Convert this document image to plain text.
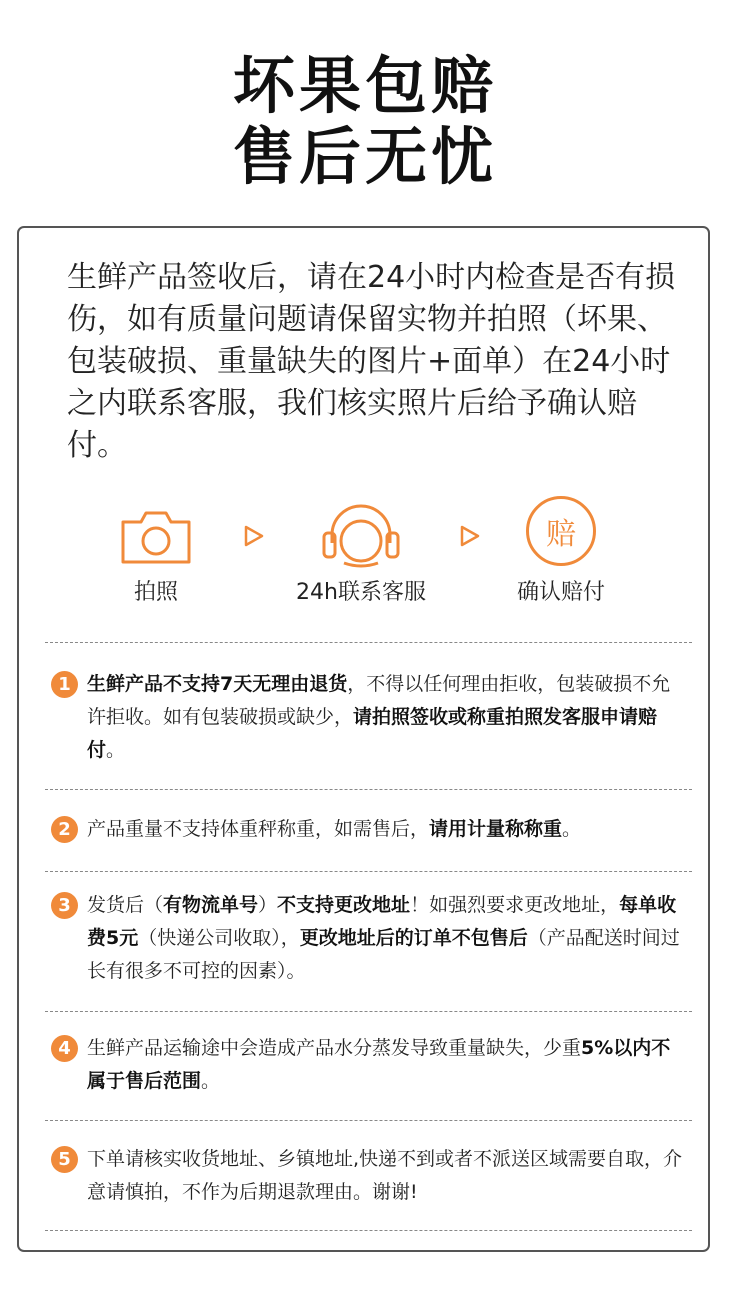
坏果包赔
售后无忧
生鲜产品签收后，请在24小时内检查是否有损伤，如有质量问题请保留实物并拍照（坏果、包装破损、重量缺失的图片+面单）在24小时之内联系客服，我们核实照片后给予确认赔付。
拍照	24h联系客服
赔
确认赔付
1 生鲜产品不支持7天无理由退货，不得以任何理由拒收，包装破损不允许拒收。如有包装破损或缺少，请拍照签收或称重拍照发客服申请赔付。
2 产品重量不支持体重秤称重，如需售后，请用计量称称重。
3 发货后（有物流单号）不支持更改地址！如强烈要求更改地址，每单收费5元（快递公司收取），更改地址后的订单不包售后（产品配送时间过长有很多不可控的因素）。
4 生鲜产品运输途中会造成产品水分蒸发导致重量缺失，少重5%以内不属于售后范围。
5 下单请核实收货地址、乡镇地址,快递不到或者不派送区域需要自取，介意请慎拍，不作为后期退款理由。谢谢!
